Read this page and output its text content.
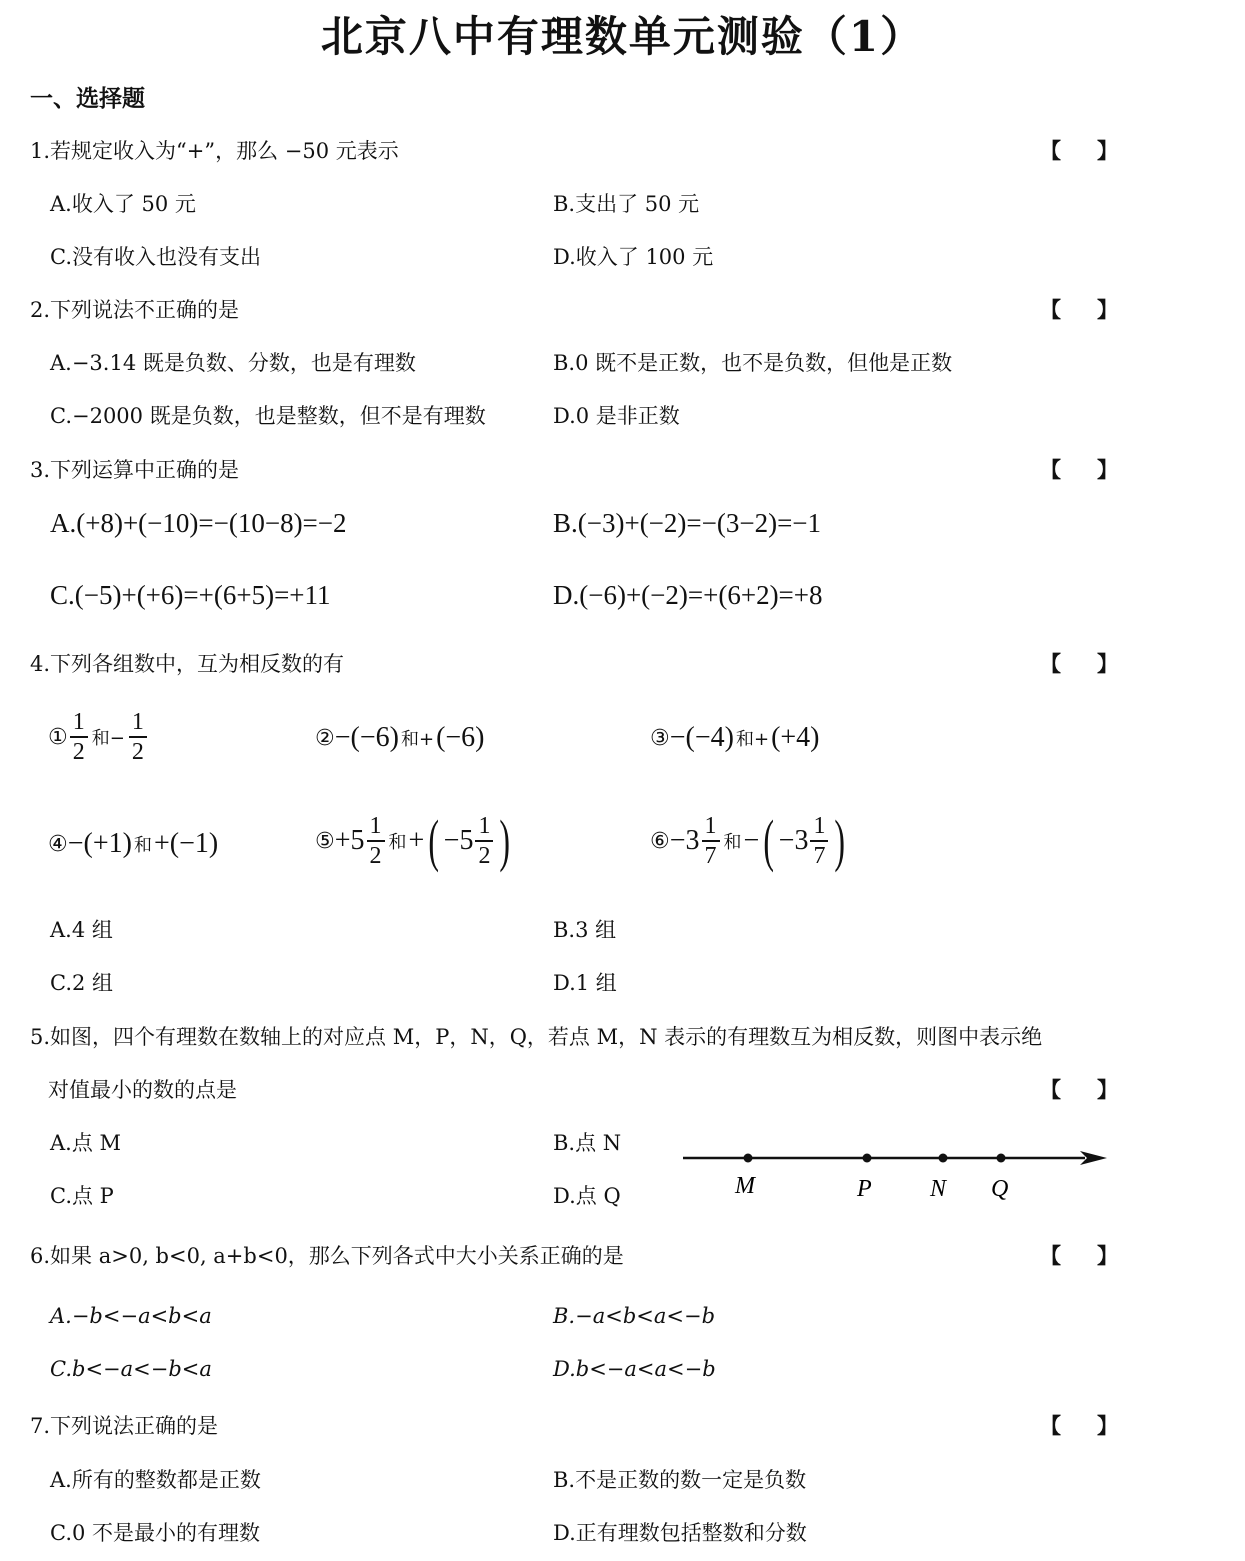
北京八中有理数单元测验（1）
一、选择题
1.若规定收入为“+”，那么 −50 元表示	【 】
A.收入了 50 元	B.支出了 50 元
C.没有收入也没有支出	D.收入了 100 元
2.下列说法不正确的是	【 】
A.−3.14 既是负数、分数，也是有理数	B.0 既不是正数，也不是负数，但他是正数
C.−2000 既是负数，也是整数，但不是有理数	D.0 是非正数
3.下列运算中正确的是	【 】
A.(+8)+(−10)=−(10−8)=−2	B.(−3)+(−2)=−(3−2)=−1
C.(−5)+(+6)=+(6+5)=+11	D.(−6)+(−2)=+(6+2)=+8
4.下列各组数中，互为相反数的有	【 】
① $\frac{1}{2}$ 和− $\frac{1}{2}$	② −(−6) 和+ (−6)	③ −(−4) 和+ (+4)
④ −(+1) 和 +(−1)	⑤ $+5 \frac{1}{2}$ 和 + ( $-5 \frac{1}{2}$ )	⑥ $-3 \frac{1}{7}$ 和 − ( $-3 \frac{1}{7}$ )
A.4 组	B.3 组
C.2 组	D.1 组
5.如图，四个有理数在数轴上的对应点 M，P，N，Q，若点 M，N 表示的有理数互为相反数，则图中表示绝
对值最小的数的点是	【 】
A.点 M	B.点 N
C.点 P	D.点 Q	M	P N Q
6.如果 a>0, b<0, a+b<0，那么下列各式中大小关系正确的是	【 】
A.−b<−a<b<a	B.−a<b<a<−b
C.b<−a<−b<a	D.b<−a<a<−b
7.下列说法正确的是	【 】
A.所有的整数都是正数	B.不是正数的数一定是负数
C.0 不是最小的有理数	D.正有理数包括整数和分数
